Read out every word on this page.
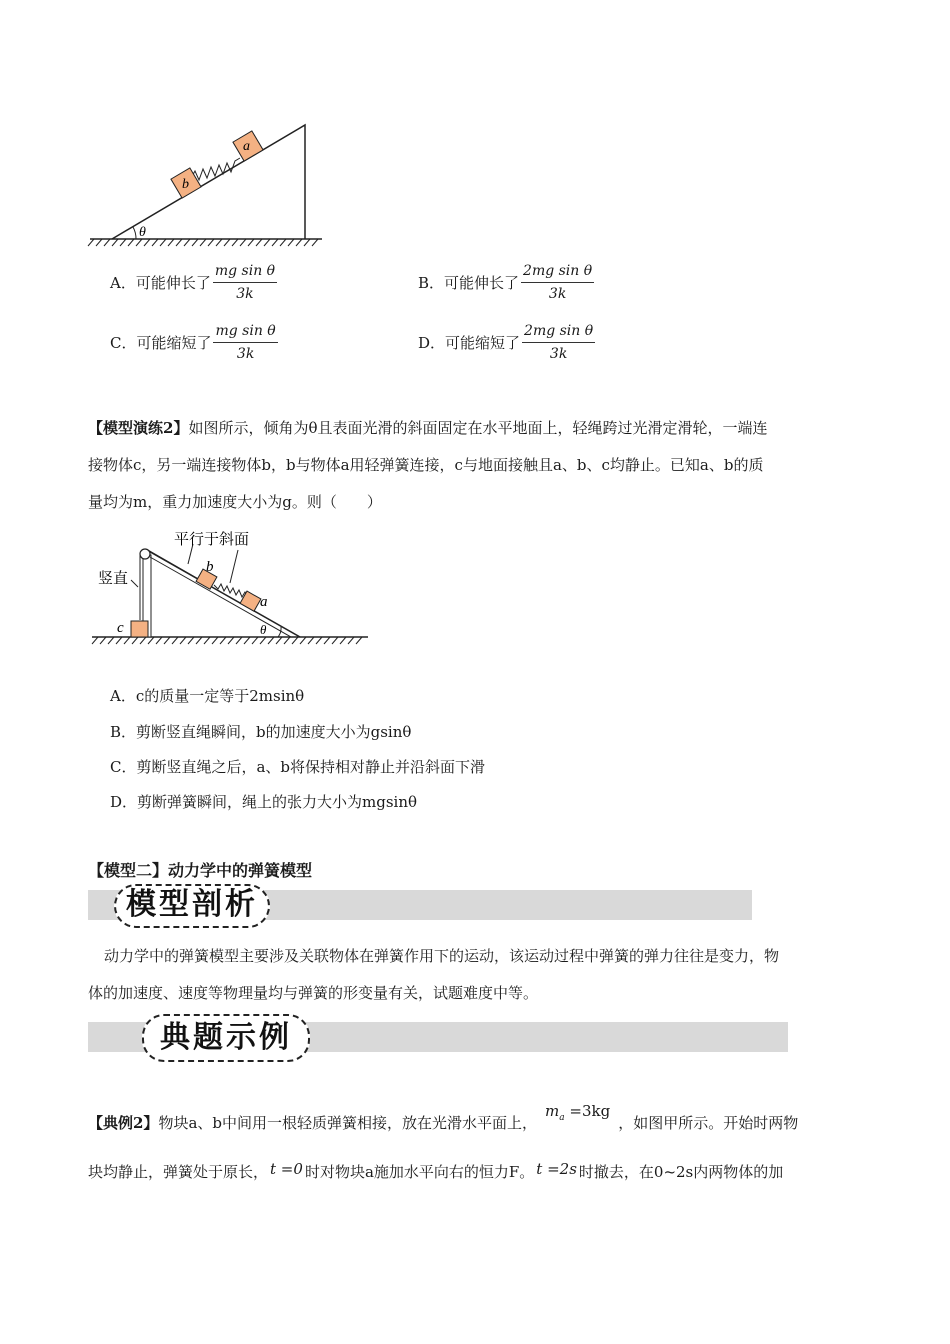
b
a
θ
A．可能伸长了 $\frac{\text{mg sin θ}}{3k}$	B．可能伸长了 $\frac{\text{2mg sin θ}}{3k}$
C．可能缩短了 $\frac{\text{mg sin θ}}{3k}$	D．可能缩短了 $\frac{\text{2mg sin θ}}{3k}$
【模型演练2】如图所示，倾角为θ且表面光滑的斜面固定在水平地面上，轻绳跨过光滑定滑轮，一端连
接物体c，另一端连接物体b，b与物体a用轻弹簧连接，c与地面接触且a、b、c均静止。已知a、b的质
量均为m，重力加速度大小为g。则（　　）
平行于斜面
竖直
b
a
c	θ
A．c的质量一定等于2msinθ
B．剪断竖直绳瞬间，b的加速度大小为gsinθ
C．剪断竖直绳之后，a、b将保持相对静止并沿斜面下滑
D．剪断弹簧瞬间，绳上的张力大小为mgsinθ
【模型二】动力学中的弹簧模型
模型剖析
动力学中的弹簧模型主要涉及关联物体在弹簧作用下的运动，该运动过程中弹簧的弹力往往是变力，物
体的加速度、速度等物理量均与弹簧的形变量有关，试题难度中等。
典题示例
【典例2】物块a、b中间用一根轻质弹簧相接，放在光滑水平面上，$m_a =3kg$，如图甲所示。开始时两物
块均静止，弹簧处于原长， t =0 时对物块a施加水平向右的恒力F。 t =2s 时撤去，在0~2s内两物体的加
